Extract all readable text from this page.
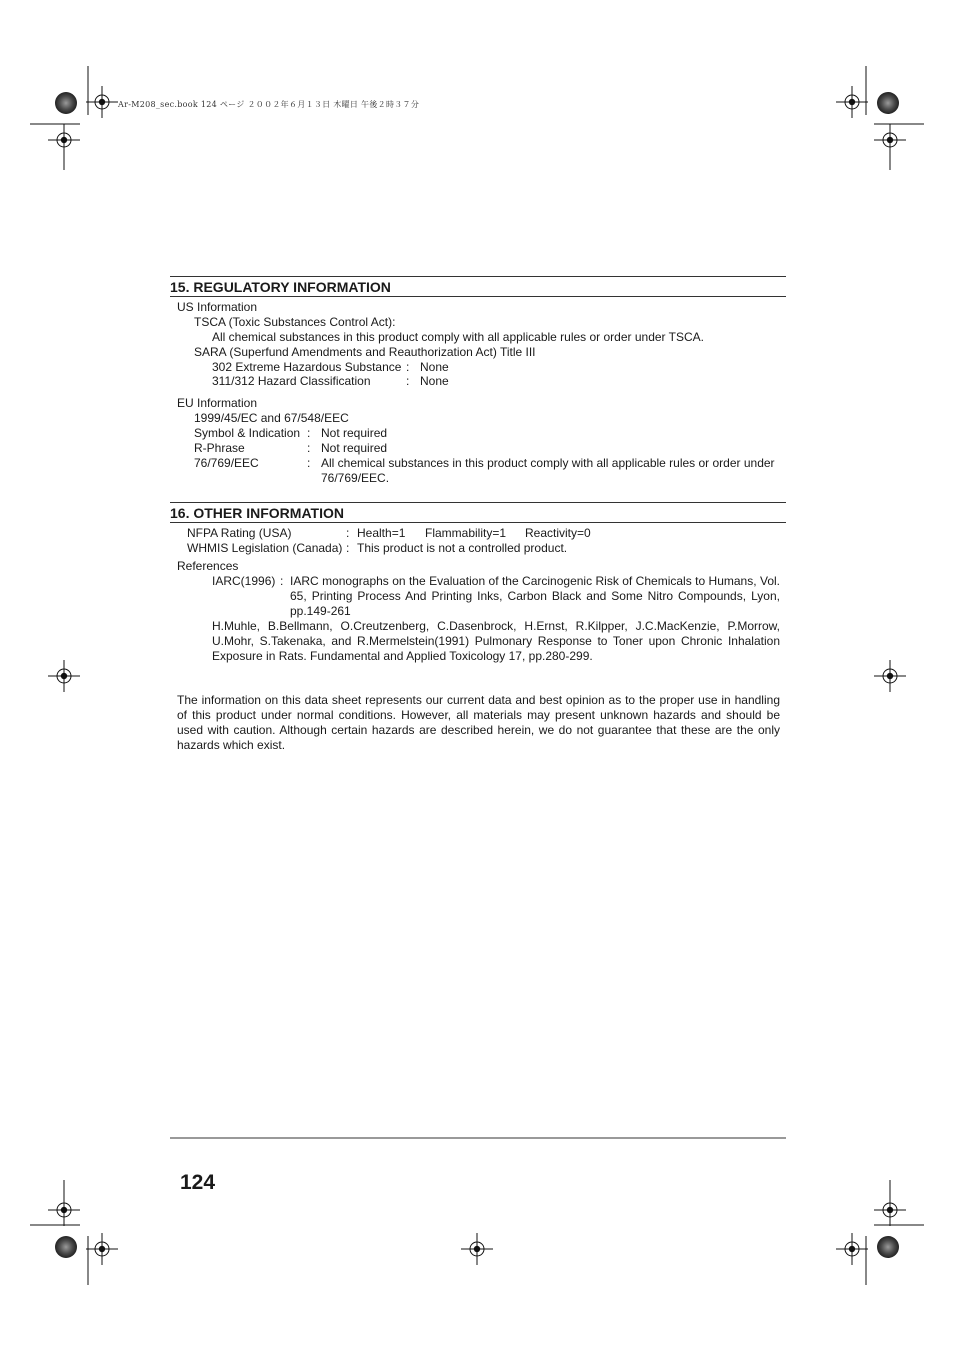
Ar-M208_sec.book 124 ページ ２００２年６月１３日 木曜日 午後２時３７分
15. REGULATORY INFORMATION
US Information
TSCA (Toxic Substances Control Act):
All chemical substances in this product comply with all applicable rules or order under TSCA.
SARA (Superfund Amendments and Reauthorization Act) Title III
302 Extreme Hazardous Substance : None
311/312 Hazard Classification	: None
EU Information
1999/45/EC and 67/548/EEC
Symbol & Indication : Not required
R-Phrase	: Not required
76/769/EEC	: All chemical substances in this product comply with all applicable rules or order under 76/769/EEC.
16. OTHER INFORMATION
NFPA Rating (USA)	: Health=1 Flammability=1 Reactivity=0
WHMIS Legislation (Canada) : This product is not a controlled product.
References
IARC(1996) : IARC monographs on the Evaluation of the Carcinogenic Risk of Chemicals to Humans, Vol. 65, Printing Process And Printing Inks, Carbon Black and Some Nitro Compounds, Lyon, pp.149-261
H.Muhle, B.Bellmann, O.Creutzenberg, C.Dasenbrock, H.Ernst, R.Kilpper, J.C.MacKenzie, P.Morrow, U.Mohr, S.Takenaka, and R.Mermelstein(1991) Pulmonary Response to Toner upon Chronic Inhalation Exposure in Rats. Fundamental and Applied Toxicology 17, pp.280-299.
The information on this data sheet represents our current data and best opinion as to the proper use in handling of this product under normal conditions. However, all materials may present unknown hazards and should be used with caution. Although certain hazards are described herein, we do not guarantee that these are the only hazards which exist.
124
